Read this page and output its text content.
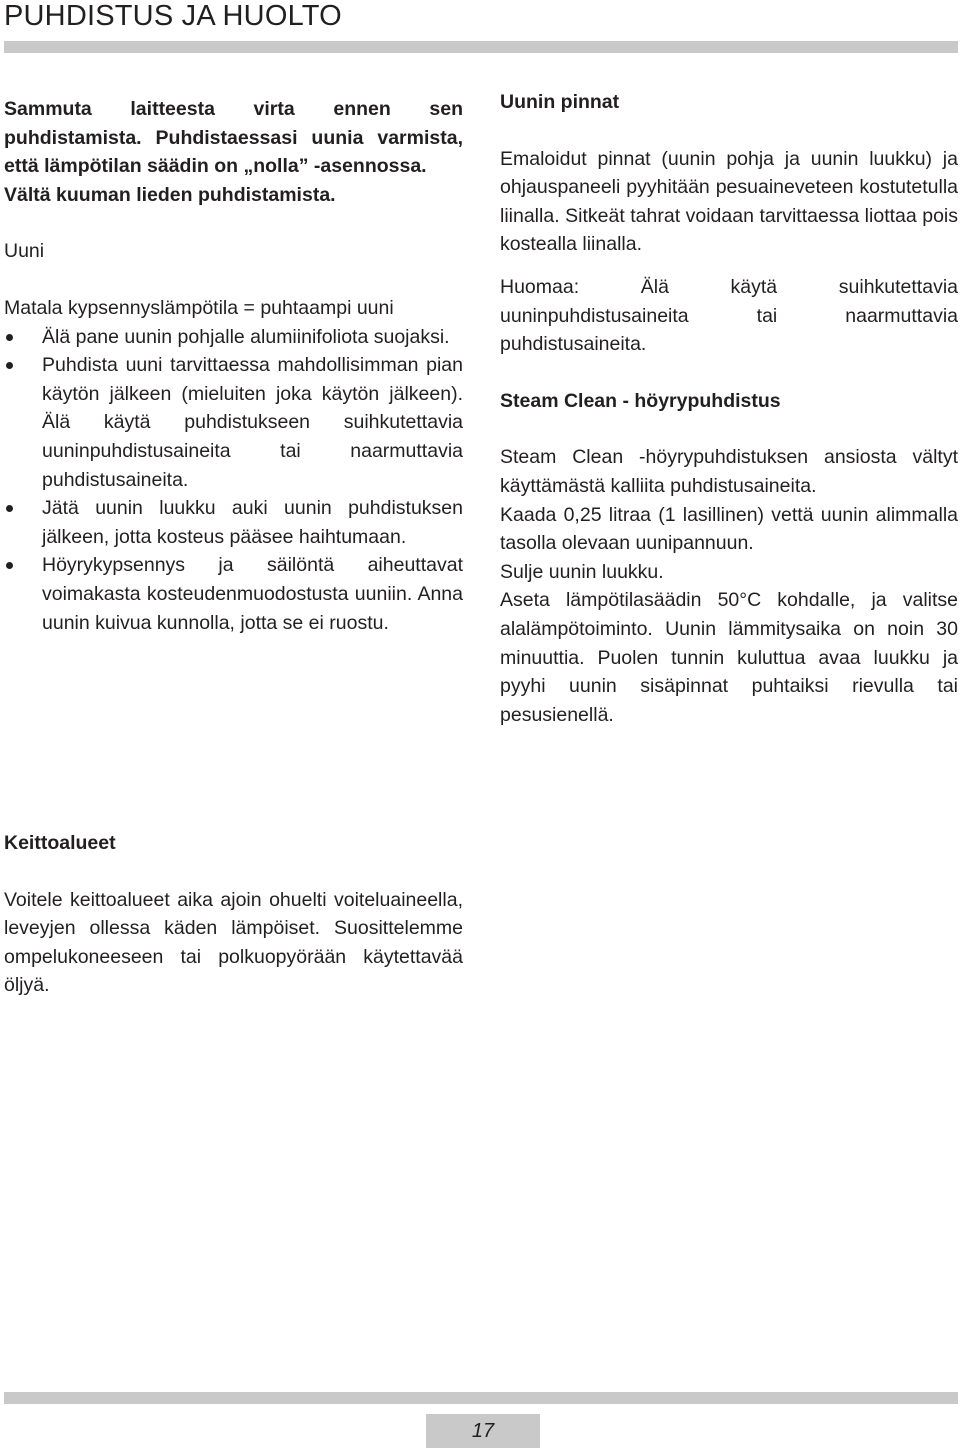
PUHDISTUS JA HUOLTO

Sammuta laitteesta virta ennen sen puhdistamista. Puhdistaessasi uunia varmista, että lämpötilan säädin on „nolla” -asennossa.

Vältä kuuman lieden puhdistamista.

Uuni

Matala kypsennyslämpötila = puhtaampi uuni

Älä pane uunin pohjalle alumiinifoliota suojaksi.
Puhdista uuni tarvittaessa mahdollisimman pian käytön jälkeen (mieluiten joka käytön jälkeen). Älä käytä puhdistukseen suihkutettavia uuninpuhdistusaineita tai naarmuttavia puhdistusaineita.
Jätä uunin luukku auki uunin puhdistuksen jälkeen, jotta kosteus pääsee haihtumaan.
Höyrykypsennys ja säilöntä aiheuttavat voimakasta kosteudenmuodostusta uuniin. Anna uunin kuivua kunnolla, jotta se ei ruostu.

Uunin pinnat

Emaloidut pinnat (uunin pohja ja uunin luukku) ja ohjauspaneeli pyyhitään pesuaineveteen kostutetulla liinalla. Sitkeät tahrat voidaan tarvittaessa liottaa pois kostealla liinalla.

Huomaa: Älä käytä suihkutettavia uuninpuhdistusaineita tai naarmuttavia puhdistusaineita.

Steam Clean - höyrypuhdistus

Steam Clean -höyrypuhdistuksen ansiosta vältyt käyttämästä kalliita puhdistusaineita.

Kaada 0,25 litraa (1 lasillinen) vettä uunin alimmalla tasolla olevaan uunipannuun.

Sulje uunin luukku.

Aseta lämpötilasäädin 50°C kohdalle, ja valitse alalämpötoiminto. Uunin lämmitysaika on noin 30 minuuttia. Puolen tunnin kuluttua avaa luukku ja pyyhi uunin sisäpinnat puhtaiksi rievulla tai pesusienellä.

Keittoalueet

Voitele keittoalueet aika ajoin ohuelti voiteluaineella, leveyjen ollessa käden lämpöiset. Suosittelemme ompelukoneeseen tai polkuopyörään käytettavää öljyä.

17
